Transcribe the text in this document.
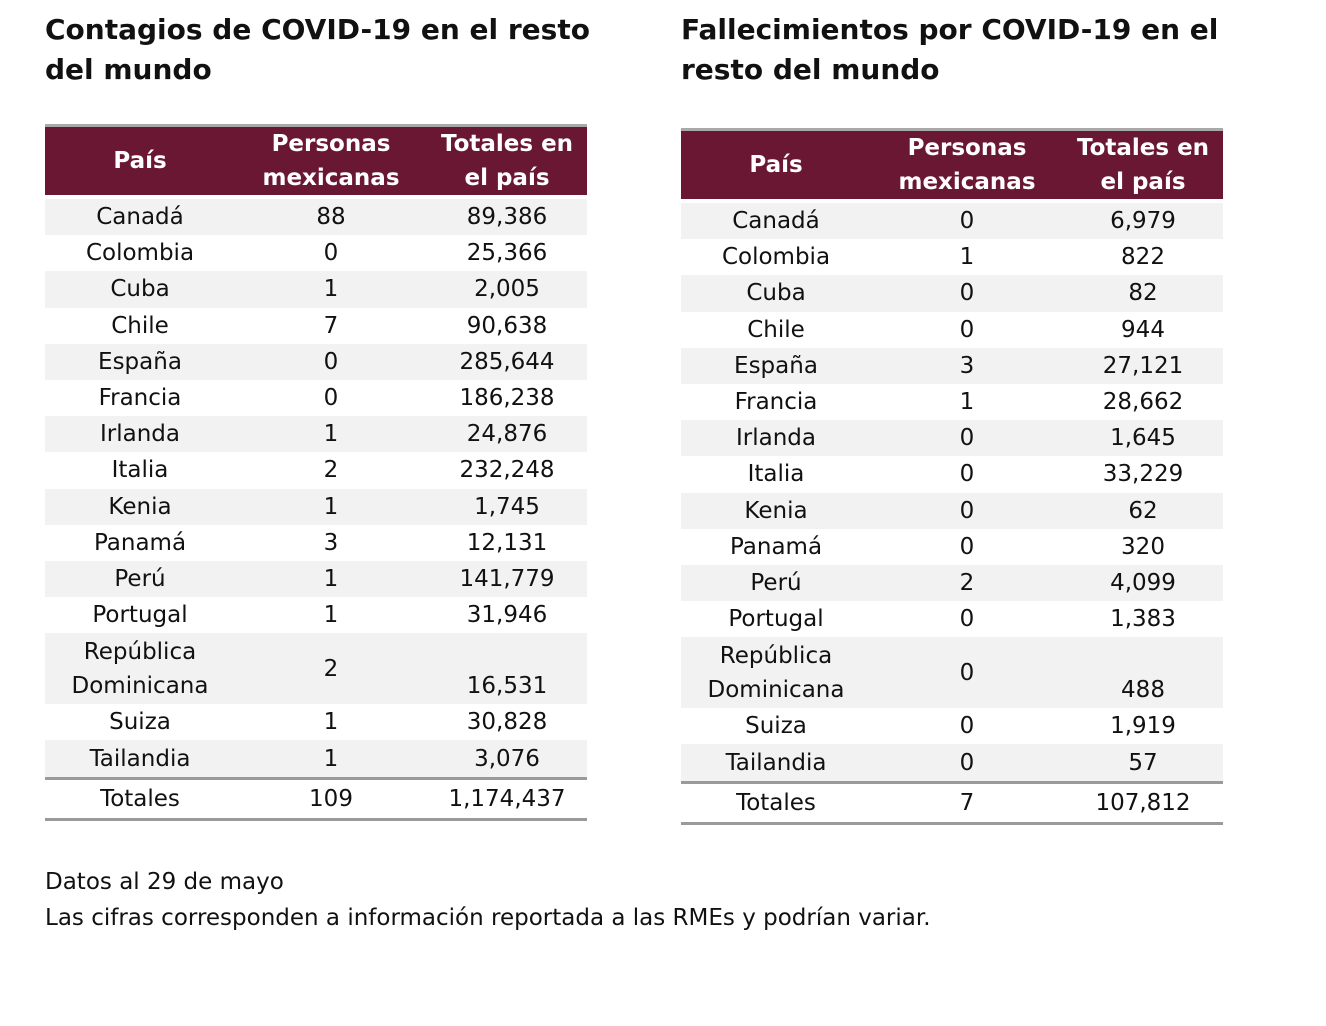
Contagios de COVID-19 en el resto del mundo
País	Personas mexicanas	Totales en el país
Canadá	88	89,386
Colombia	0	25,366
Cuba	1	2,005
Chile	7	90,638
España	0	285,644
Francia	0	186,238
Irlanda	1	24,876
Italia	2	232,248
Kenia	1	1,745
Panamá	3	12,131
Perú	1	141,779
Portugal	1	31,946
República Dominicana	2	16,531
Suiza	1	30,828
Tailandia	1	3,076
Totales	109	1,174,437
Fallecimientos por COVID-19 en el resto del mundo
País	Personas mexicanas	Totales en el país
Canadá	0	6,979
Colombia	1	822
Cuba	0	82
Chile	0	944
España	3	27,121
Francia	1	28,662
Irlanda	0	1,645
Italia	0	33,229
Kenia	0	62
Panamá	0	320
Perú	2	4,099
Portugal	0	1,383
República Dominicana	0	488
Suiza	0	1,919
Tailandia	0	57
Totales	7	107,812

Datos al 29 de mayo

Las cifras corresponden a información reportada a las RMEs y podrían variar.
